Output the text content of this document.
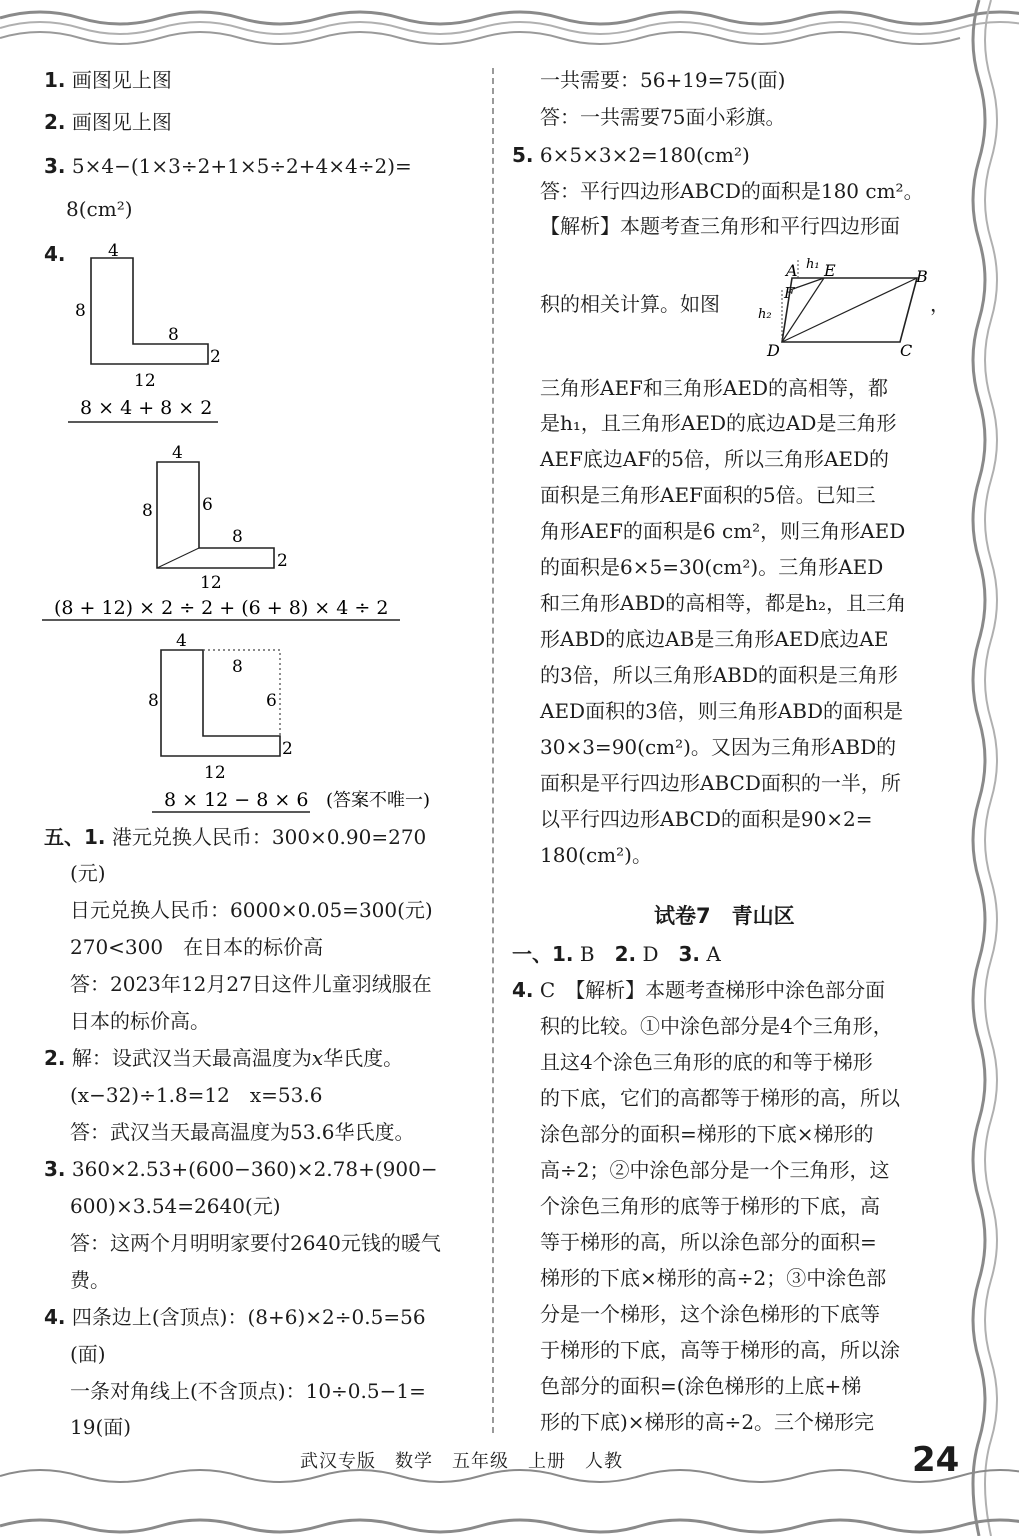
1. 画图见上图
2. 画图见上图
3. 5×4−(1×3÷2+1×5÷2+4×4÷2)=
8(cm²)
4. 4
8
8
12
2
8 × 4 + 8 × 2
4
8	6
8
12
2
(8 + 12) × 2 ÷ 2 + (6 + 8) × 4 ÷ 2
4
8
8
6
12
2
8 × 12 − 8 × 6 (答案不唯一)
五、1. 港元兑换人民币：300×0.90=270
(元)
日元兑换人民币：6000×0.05=300(元)
270<300　在日本的标价高
答：2023年12月27日这件儿童羽绒服在
日本的标价高。
2. 解：设武汉当天最高温度为x华氏度。
(x−32)÷1.8=12　x=53.6
答：武汉当天最高温度为53.6华氏度。
3. 360×2.53+(600−360)×2.78+(900−
600)×3.54=2640(元)
答：这两个月明明家要付2640元钱的暖气
费。
4. 四条边上(含顶点)：(8+6)×2÷0.5=56
(面)
一条对角线上(不含顶点)：10÷0.5−1=
19(面)
一共需要：56+19=75(面)
答：一共需要75面小彩旗。
5. 6×5×3×2=180(cm²)
答：平行四边形ABCD的面积是180 cm²。
【解析】本题考查三角形和平行四边形面
积的相关计算。如图	，
A E	B
F
D	C
h₁
h₂
三角形AEF和三角形AED的高相等，都
是h₁，且三角形AED的底边AD是三角形
AEF底边AF的5倍，所以三角形AED的
面积是三角形AEF面积的5倍。已知三
角形AEF的面积是6 cm²，则三角形AED
的面积是6×5=30(cm²)。三角形AED
和三角形ABD的高相等，都是h₂，且三角
形ABD的底边AB是三角形AED底边AE
的3倍，所以三角形ABD的面积是三角形
AED面积的3倍，则三角形ABD的面积是
30×3=90(cm²)。又因为三角形ABD的
面积是平行四边形ABCD面积的一半，所
以平行四边形ABCD的面积是90×2=
180(cm²)。
试卷7　青山区
一、1. B　 2. D　 3. A
4. C　 【解析】本题考查梯形中涂色部分面
积的比较。①中涂色部分是4个三角形，
且这4个涂色三角形的底的和等于梯形
的下底，它们的高都等于梯形的高，所以
涂色部分的面积=梯形的下底×梯形的
高÷2；②中涂色部分是一个三角形，这
个涂色三角形的底等于梯形的下底，高
等于梯形的高，所以涂色部分的面积=
梯形的下底×梯形的高÷2；③中涂色部
分是一个梯形，这个涂色梯形的下底等
于梯形的下底，高等于梯形的高，所以涂
色部分的面积=(涂色梯形的上底+梯
形的下底)×梯形的高÷2。三个梯形完
武汉专版　数学　五年级　上册　人教	24
